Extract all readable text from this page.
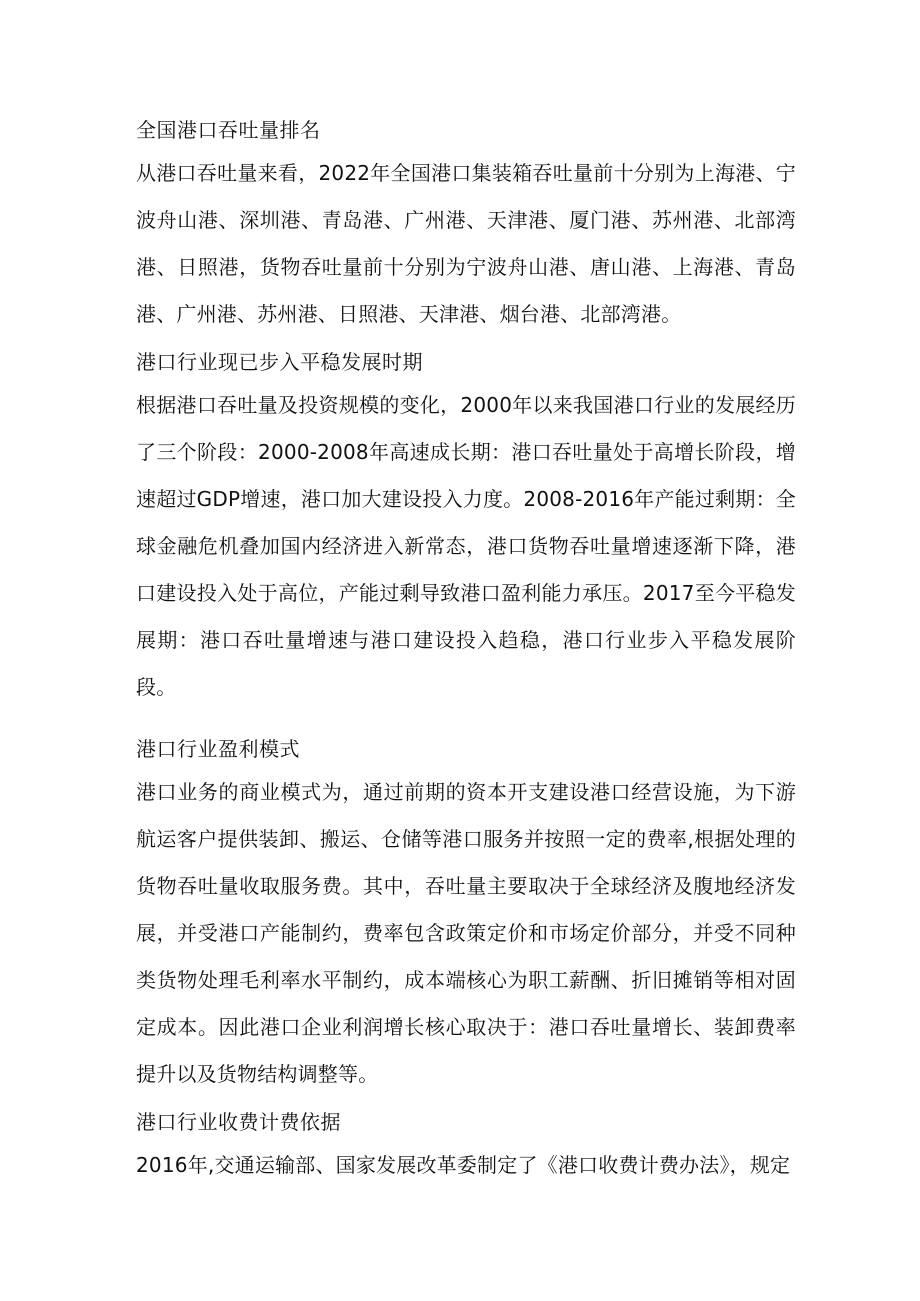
全国港口吞吐量排名

从港口吞吐量来看，2022年全国港口集装箱吞吐量前十分别为上海港、宁波舟山港、深圳港、青岛港、广州港、天津港、厦门港、苏州港、北部湾港、日照港，货物吞吐量前十分别为宁波舟山港、唐山港、上海港、青岛港、广州港、苏州港、日照港、天津港、烟台港、北部湾港。

港口行业现已步入平稳发展时期

根据港口吞吐量及投资规模的变化，2000年以来我国港口行业的发展经历了三个阶段：2000-2008年高速成长期：港口吞吐量处于高增长阶段，增速超过GDP增速，港口加大建设投入力度。2008-2016年产能过剩期：全球金融危机叠加国内经济进入新常态，港口货物吞吐量增速逐渐下降，港口建设投入处于高位，产能过剩导致港口盈利能力承压。2017至今平稳发展期：港口吞吐量增速与港口建设投入趋稳，港口行业步入平稳发展阶段。

港口行业盈利模式

港口业务的商业模式为，通过前期的资本开支建设港口经营设施，为下游航运客户提供装卸、搬运、仓储等港口服务并按照一定的费率,根据处理的货物吞吐量收取服务费。其中，吞吐量主要取决于全球经济及腹地经济发展，并受港口产能制约，费率包含政策定价和市场定价部分，并受不同种类货物处理毛利率水平制约，成本端核心为职工薪酬、折旧摊销等相对固定成本。因此港口企业利润增长核心取决于：港口吞吐量增长、装卸费率提升以及货物结构调整等。

港口行业收费计费依据

2016年,交通运输部、国家发展改革委制定了《港口收费计费办法》，规定
